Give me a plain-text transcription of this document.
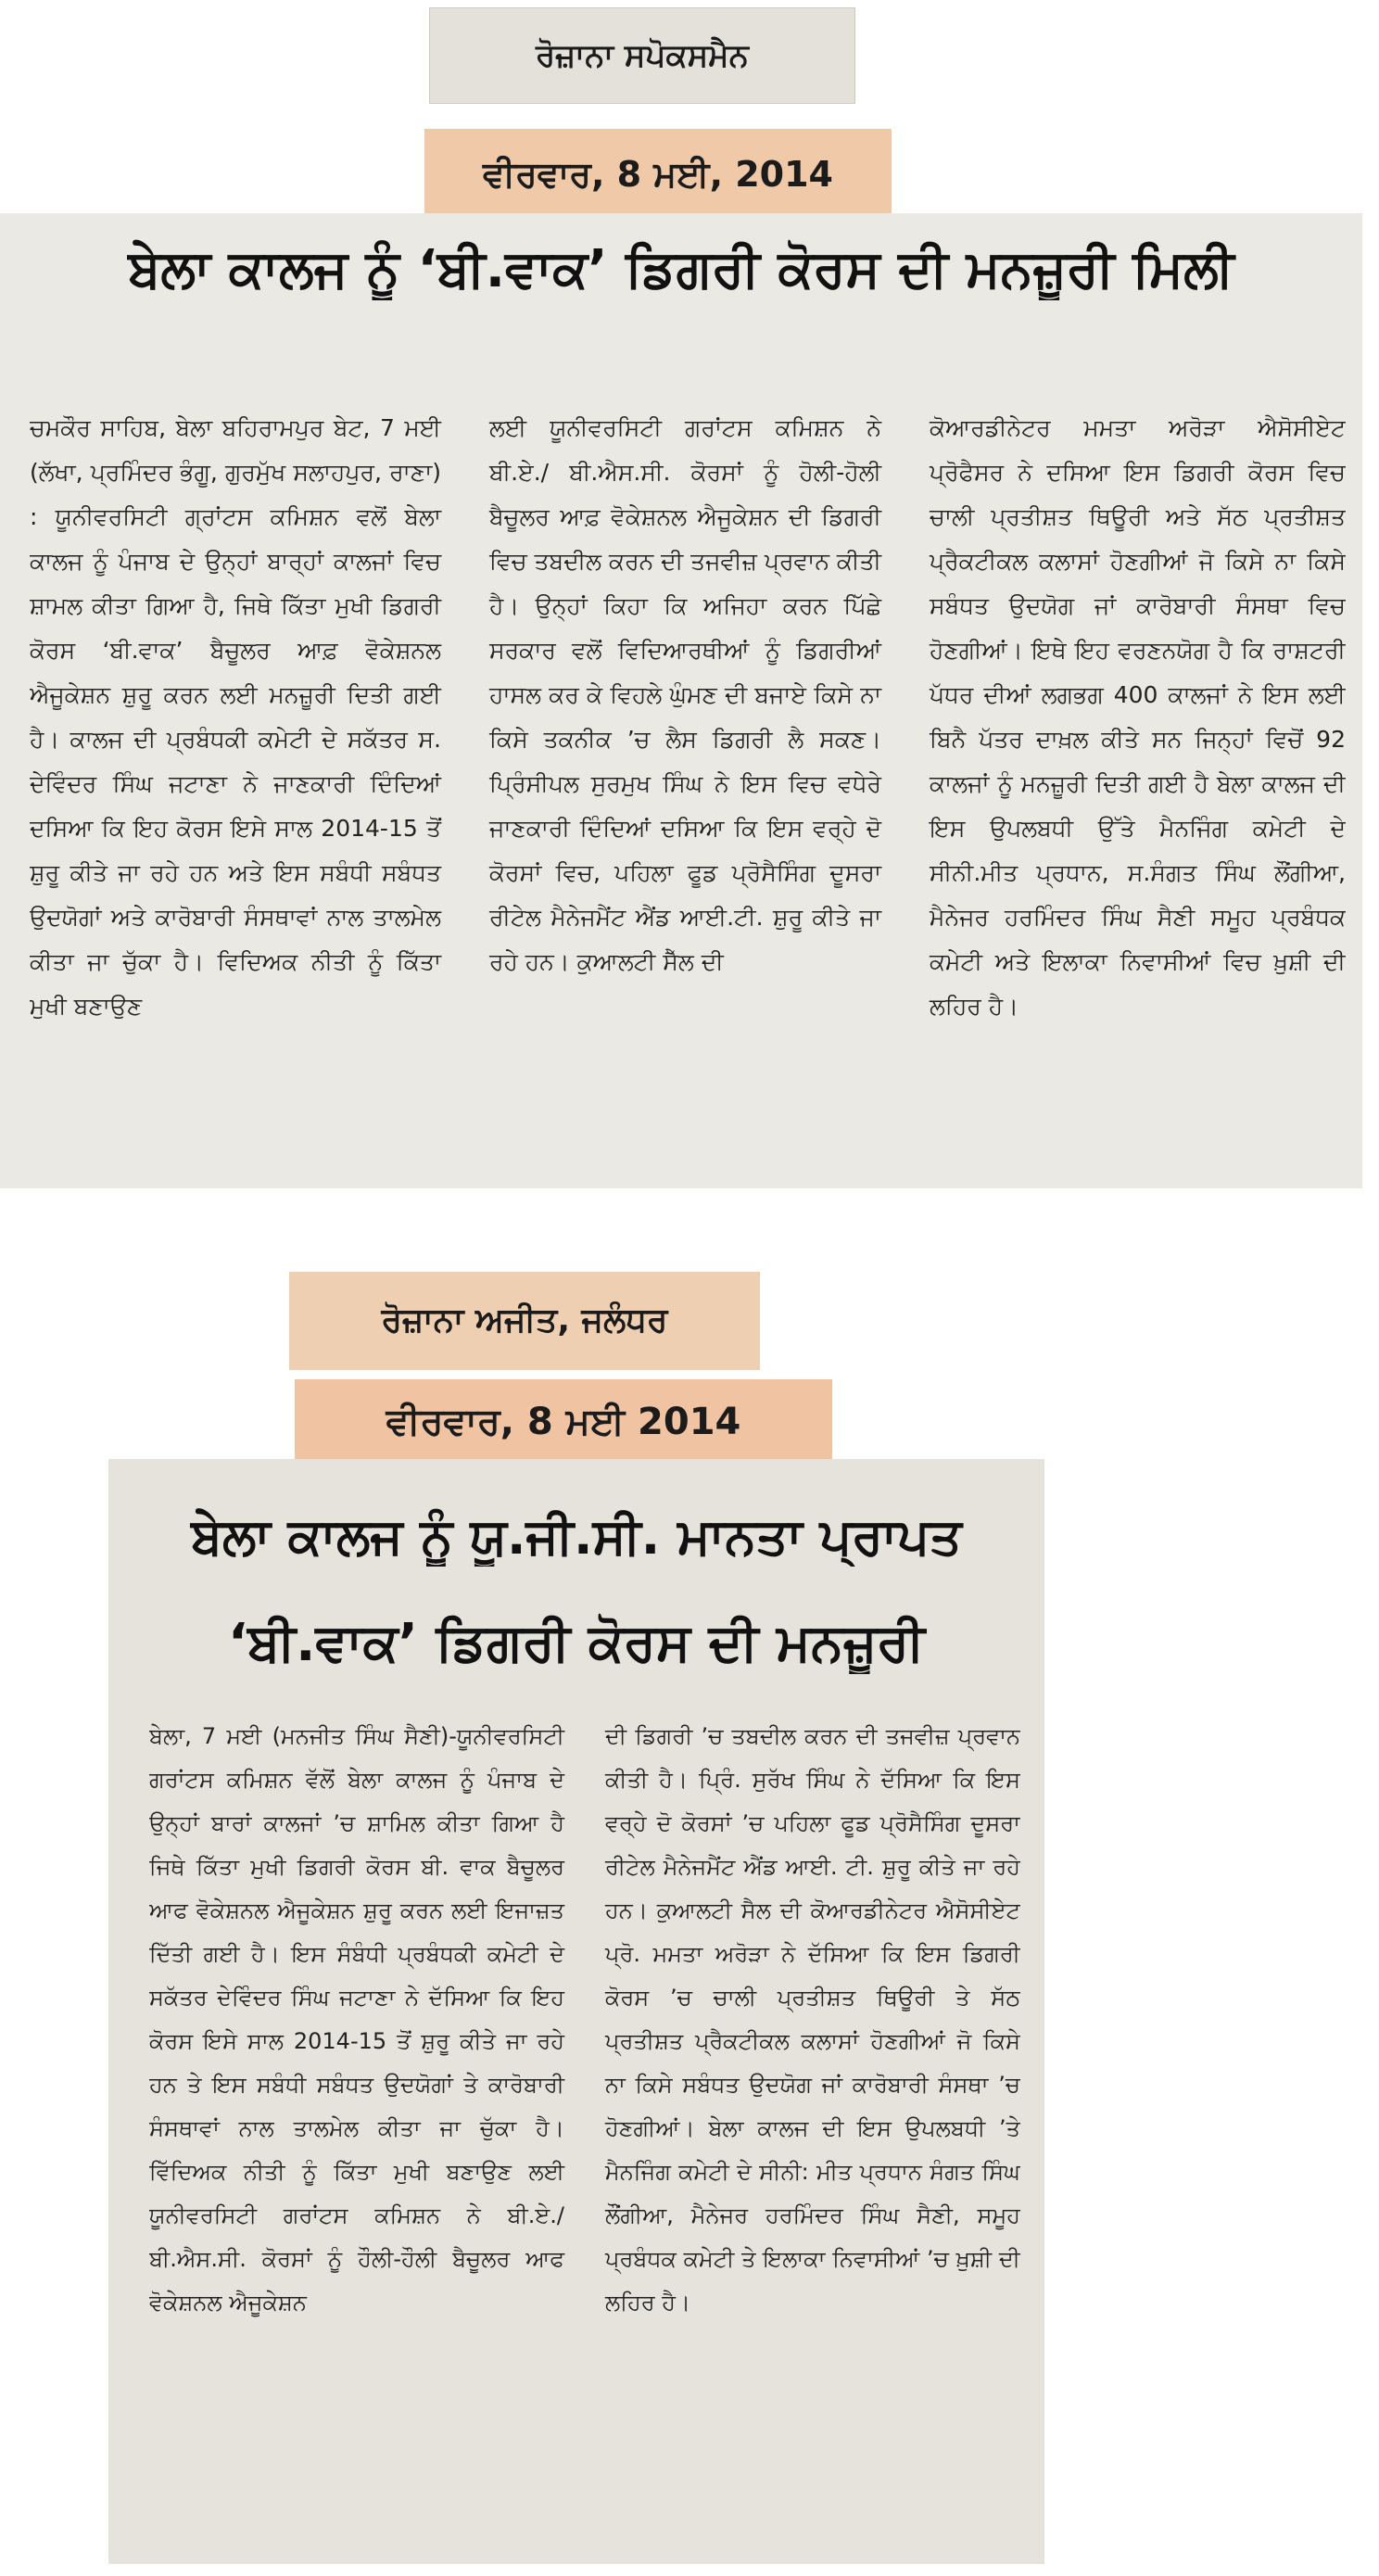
ਰੋਜ਼ਾਨਾ ਸਪੋਕਸਮੈਨ
ਵੀਰਵਾਰ, 8 ਮਈ, 2014
ਬੇਲਾ ਕਾਲਜ ਨੂੰ ‘ਬੀ.ਵਾਕ’ ਡਿਗਰੀ ਕੋਰਸ ਦੀ ਮਨਜ਼ੂਰੀ ਮਿਲੀ
ਚਮਕੌਰ ਸਾਹਿਬ, ਬੇਲਾ ਬਹਿਰਾਮਪੁਰ ਬੇਟ, 7 ਮਈ (ਲੱਖਾ, ਪ੍ਰਮਿੰਦਰ ਭੰਗੂ, ਗੁਰਮੁੱਖ ਸਲਾਹਪੁਰ, ਰਾਣਾ) : ਯੂਨੀਵਰਸਿਟੀ ਗ੍ਰਾਂਟਸ ਕਮਿਸ਼ਨ ਵਲੋਂ ਬੇਲਾ ਕਾਲਜ ਨੂੰ ਪੰਜਾਬ ਦੇ ਉਨ੍ਹਾਂ ਬਾਰ੍ਹਾਂ ਕਾਲਜਾਂ ਵਿਚ ਸ਼ਾਮਲ ਕੀਤਾ ਗਿਆ ਹੈ, ਜਿਥੇ ਕਿੱਤਾ ਮੁਖੀ ਡਿਗਰੀ ਕੋਰਸ ‘ਬੀ.ਵਾਕ’ ਬੈਚੂਲਰ ਆਫ਼ ਵੋਕੇਸ਼ਨਲ ਐਜੂਕੇਸ਼ਨ ਸ਼ੁਰੂ ਕਰਨ ਲਈ ਮਨਜ਼ੂਰੀ ਦਿਤੀ ਗਈ ਹੈ। ਕਾਲਜ ਦੀ ਪ੍ਰਬੰਧਕੀ ਕਮੇਟੀ ਦੇ ਸਕੱਤਰ ਸ. ਦੇਵਿੰਦਰ ਸਿੰਘ ਜਟਾਣਾ ਨੇ ਜਾਣਕਾਰੀ ਦਿੰਦਿਆਂ ਦਸਿਆ ਕਿ ਇਹ ਕੋਰਸ ਇਸੇ ਸਾਲ 2014-15 ਤੋਂ ਸ਼ੁਰੂ ਕੀਤੇ ਜਾ ਰਹੇ ਹਨ ਅਤੇ ਇਸ ਸਬੰਧੀ ਸਬੰਧਤ ਉਦਯੋਗਾਂ ਅਤੇ ਕਾਰੋਬਾਰੀ ਸੰਸਥਾਵਾਂ ਨਾਲ ਤਾਲਮੇਲ ਕੀਤਾ ਜਾ ਚੁੱਕਾ ਹੈ। ਵਿਦਿਅਕ ਨੀਤੀ ਨੂੰ ਕਿੱਤਾ ਮੁਖੀ ਬਣਾਉਣ
ਲਈ ਯੂਨੀਵਰਸਿਟੀ ਗਰਾਂਟਸ ਕਮਿਸ਼ਨ ਨੇ ਬੀ.ਏ./ ਬੀ.ਐਸ.ਸੀ. ਕੋਰਸਾਂ ਨੂੰ ਹੋਲੀ-ਹੋਲੀ ਬੈਚੂਲਰ ਆਫ਼ ਵੋਕੇਸ਼ਨਲ ਐਜੂਕੇਸ਼ਨ ਦੀ ਡਿਗਰੀ ਵਿਚ ਤਬਦੀਲ ਕਰਨ ਦੀ ਤਜਵੀਜ਼ ਪ੍ਰਵਾਨ ਕੀਤੀ ਹੈ। ਉਨ੍ਹਾਂ ਕਿਹਾ ਕਿ ਅਜਿਹਾ ਕਰਨ ਪਿੱਛੇ ਸਰਕਾਰ ਵਲੋਂ ਵਿਦਿਆਰਥੀਆਂ ਨੂੰ ਡਿਗਰੀਆਂ ਹਾਸਲ ਕਰ ਕੇ ਵਿਹਲੇ ਘੁੰਮਣ ਦੀ ਬਜਾਏ ਕਿਸੇ ਨਾ ਕਿਸੇ ਤਕਨੀਕ ’ਚ ਲੈਸ ਡਿਗਰੀ ਲੈ ਸਕਣ। ਪ੍ਰਿੰਸੀਪਲ ਸੁਰਮੁਖ ਸਿੰਘ ਨੇ ਇਸ ਵਿਚ ਵਧੇਰੇ ਜਾਣਕਾਰੀ ਦਿੰਦਿਆਂ ਦਸਿਆ ਕਿ ਇਸ ਵਰ੍ਹੇ ਦੋ ਕੋਰਸਾਂ ਵਿਚ, ਪਹਿਲਾ ਫੂਡ ਪ੍ਰੋਸੈਸਿੰਗ ਦੂਸਰਾ ਰੀਟੇਲ ਮੈਨੇਜਮੈਂਟ ਐਂਡ ਆਈ.ਟੀ. ਸ਼ੁਰੂ ਕੀਤੇ ਜਾ ਰਹੇ ਹਨ। ਕੁਆਲਟੀ ਸੈੱਲ ਦੀ
ਕੋਆਰਡੀਨੇਟਰ ਮਮਤਾ ਅਰੋੜਾ ਐਸੋਸੀਏਟ ਪ੍ਰੋਫੈਸਰ ਨੇ ਦਸਿਆ ਇਸ ਡਿਗਰੀ ਕੋਰਸ ਵਿਚ ਚਾਲੀ ਪ੍ਰਤੀਸ਼ਤ ਥਿਊਰੀ ਅਤੇ ਸੱਠ ਪ੍ਰਤੀਸ਼ਤ ਪ੍ਰੈਕਟੀਕਲ ਕਲਾਸਾਂ ਹੋਣਗੀਆਂ ਜੋ ਕਿਸੇ ਨਾ ਕਿਸੇ ਸਬੰਧਤ ਉਦਯੋਗ ਜਾਂ ਕਾਰੋਬਾਰੀ ਸੰਸਥਾ ਵਿਚ ਹੋਣਗੀਆਂ। ਇਥੇ ਇਹ ਵਰਣਨਯੋਗ ਹੈ ਕਿ ਰਾਸ਼ਟਰੀ ਪੱਧਰ ਦੀਆਂ ਲਗਭਗ 400 ਕਾਲਜਾਂ ਨੇ ਇਸ ਲਈ ਬਿਨੈ ਪੱਤਰ ਦਾਖ਼ਲ ਕੀਤੇ ਸਨ ਜਿਨ੍ਹਾਂ ਵਿਚੋਂ 92 ਕਾਲਜਾਂ ਨੂੰ ਮਨਜ਼ੂਰੀ ਦਿਤੀ ਗਈ ਹੈ ਬੇਲਾ ਕਾਲਜ ਦੀ ਇਸ ਉਪਲਬਧੀ ਉੱਤੇ ਮੈਨਜਿੰਗ ਕਮੇਟੀ ਦੇ ਸੀਨੀ.ਮੀਤ ਪ੍ਰਧਾਨ, ਸ.ਸੰਗਤ ਸਿੰਘ ਲੌਂਗੀਆ, ਮੈਨੇਜਰ ਹਰਮਿੰਦਰ ਸਿੰਘ ਸੈਣੀ ਸਮੂਹ ਪ੍ਰਬੰਧਕ ਕਮੇਟੀ ਅਤੇ ਇਲਾਕਾ ਨਿਵਾਸੀਆਂ ਵਿਚ ਖ਼ੁਸ਼ੀ ਦੀ ਲਹਿਰ ਹੈ।
ਰੋਜ਼ਾਨਾ ਅਜੀਤ, ਜਲੰਧਰ
ਵੀਰਵਾਰ, 8 ਮਈ 2014
ਬੇਲਾ ਕਾਲਜ ਨੂੰ ਯੂ.ਜੀ.ਸੀ. ਮਾਨਤਾ ਪ੍ਰਾਪਤ
‘ਬੀ.ਵਾਕ’ ਡਿਗਰੀ ਕੋਰਸ ਦੀ ਮਨਜ਼ੂਰੀ
ਬੇਲਾ, 7 ਮਈ (ਮਨਜੀਤ ਸਿੰਘ ਸੈਣੀ)-ਯੂਨੀਵਰਸਿਟੀ ਗਰਾਂਟਸ ਕਮਿਸ਼ਨ ਵੱਲੋਂ ਬੇਲਾ ਕਾਲਜ ਨੂੰ ਪੰਜਾਬ ਦੇ ਉਨ੍ਹਾਂ ਬਾਰਾਂ ਕਾਲਜਾਂ ’ਚ ਸ਼ਾਮਿਲ ਕੀਤਾ ਗਿਆ ਹੈ ਜਿਥੇ ਕਿੱਤਾ ਮੁਖੀ ਡਿਗਰੀ ਕੋਰਸ ਬੀ. ਵਾਕ ਬੈਚੂਲਰ ਆਫ ਵੋਕੇਸ਼ਨਲ ਐਜੂਕੇਸ਼ਨ ਸ਼ੁਰੂ ਕਰਨ ਲਈ ਇਜਾਜ਼ਤ ਦਿੱਤੀ ਗਈ ਹੈ। ਇਸ ਸੰਬੰਧੀ ਪ੍ਰਬੰਧਕੀ ਕਮੇਟੀ ਦੇ ਸਕੱਤਰ ਦੇਵਿੰਦਰ ਸਿੰਘ ਜਟਾਣਾ ਨੇ ਦੱਸਿਆ ਕਿ ਇਹ ਕੋਰਸ ਇਸੇ ਸਾਲ 2014-15 ਤੋਂ ਸ਼ੁਰੂ ਕੀਤੇ ਜਾ ਰਹੇ ਹਨ ਤੇ ਇਸ ਸਬੰਧੀ ਸਬੰਧਤ ਉਦਯੋਗਾਂ ਤੇ ਕਾਰੋਬਾਰੀ ਸੰਸਥਾਵਾਂ ਨਾਲ ਤਾਲਮੇਲ ਕੀਤਾ ਜਾ ਚੁੱਕਾ ਹੈ। ਵਿੱਦਿਅਕ ਨੀਤੀ ਨੂੰ ਕਿੱਤਾ ਮੁਖੀ ਬਣਾਉਣ ਲਈ ਯੂਨੀਵਰਸਿਟੀ ਗਰਾਂਟਸ ਕਮਿਸ਼ਨ ਨੇ ਬੀ.ਏ./ਬੀ.ਐਸ.ਸੀ. ਕੋਰਸਾਂ ਨੂੰ ਹੌਲੀ-ਹੌਲੀ ਬੈਚੂਲਰ ਆਫ ਵੋਕੇਸ਼ਨਲ ਐਜੂਕੇਸ਼ਨ
ਦੀ ਡਿਗਰੀ ’ਚ ਤਬਦੀਲ ਕਰਨ ਦੀ ਤਜਵੀਜ਼ ਪ੍ਰਵਾਨ ਕੀਤੀ ਹੈ। ਪ੍ਰਿੰ. ਸੁਰੱਖ ਸਿੰਘ ਨੇ ਦੱਸਿਆ ਕਿ ਇਸ ਵਰ੍ਹੇ ਦੋ ਕੋਰਸਾਂ ’ਚ ਪਹਿਲਾ ਫੂਡ ਪ੍ਰੋਸੈਸਿੰਗ ਦੂਸਰਾ ਰੀਟੇਲ ਮੈਨੇਜਮੈਂਟ ਐਂਡ ਆਈ. ਟੀ. ਸ਼ੁਰੂ ਕੀਤੇ ਜਾ ਰਹੇ ਹਨ। ਕੁਆਲਟੀ ਸੈਲ ਦੀ ਕੋਆਰਡੀਨੇਟਰ ਐਸੋਸੀਏਟ ਪ੍ਰੋ. ਮਮਤਾ ਅਰੋੜਾ ਨੇ ਦੱਸਿਆ ਕਿ ਇਸ ਡਿਗਰੀ ਕੋਰਸ ’ਚ ਚਾਲੀ ਪ੍ਰਤੀਸ਼ਤ ਥਿਊਰੀ ਤੇ ਸੱਠ ਪ੍ਰਤੀਸ਼ਤ ਪ੍ਰੈਕਟੀਕਲ ਕਲਾਸਾਂ ਹੋਣਗੀਆਂ ਜੋ ਕਿਸੇ ਨਾ ਕਿਸੇ ਸਬੰਧਤ ਉਦਯੋਗ ਜਾਂ ਕਾਰੋਬਾਰੀ ਸੰਸਥਾ ’ਚ ਹੋਣਗੀਆਂ। ਬੇਲਾ ਕਾਲਜ ਦੀ ਇਸ ਉਪਲਬਧੀ ’ਤੇ ਮੈਨਜਿੰਗ ਕਮੇਟੀ ਦੇ ਸੀਨੀ: ਮੀਤ ਪ੍ਰਧਾਨ ਸੰਗਤ ਸਿੰਘ ਲੌਂਗੀਆ, ਮੈਨੇਜਰ ਹਰਮਿੰਦਰ ਸਿੰਘ ਸੈਣੀ, ਸਮੂਹ ਪ੍ਰਬੰਧਕ ਕਮੇਟੀ ਤੇ ਇਲਾਕਾ ਨਿਵਾਸੀਆਂ ’ਚ ਖ਼ੁਸ਼ੀ ਦੀ ਲਹਿਰ ਹੈ।
